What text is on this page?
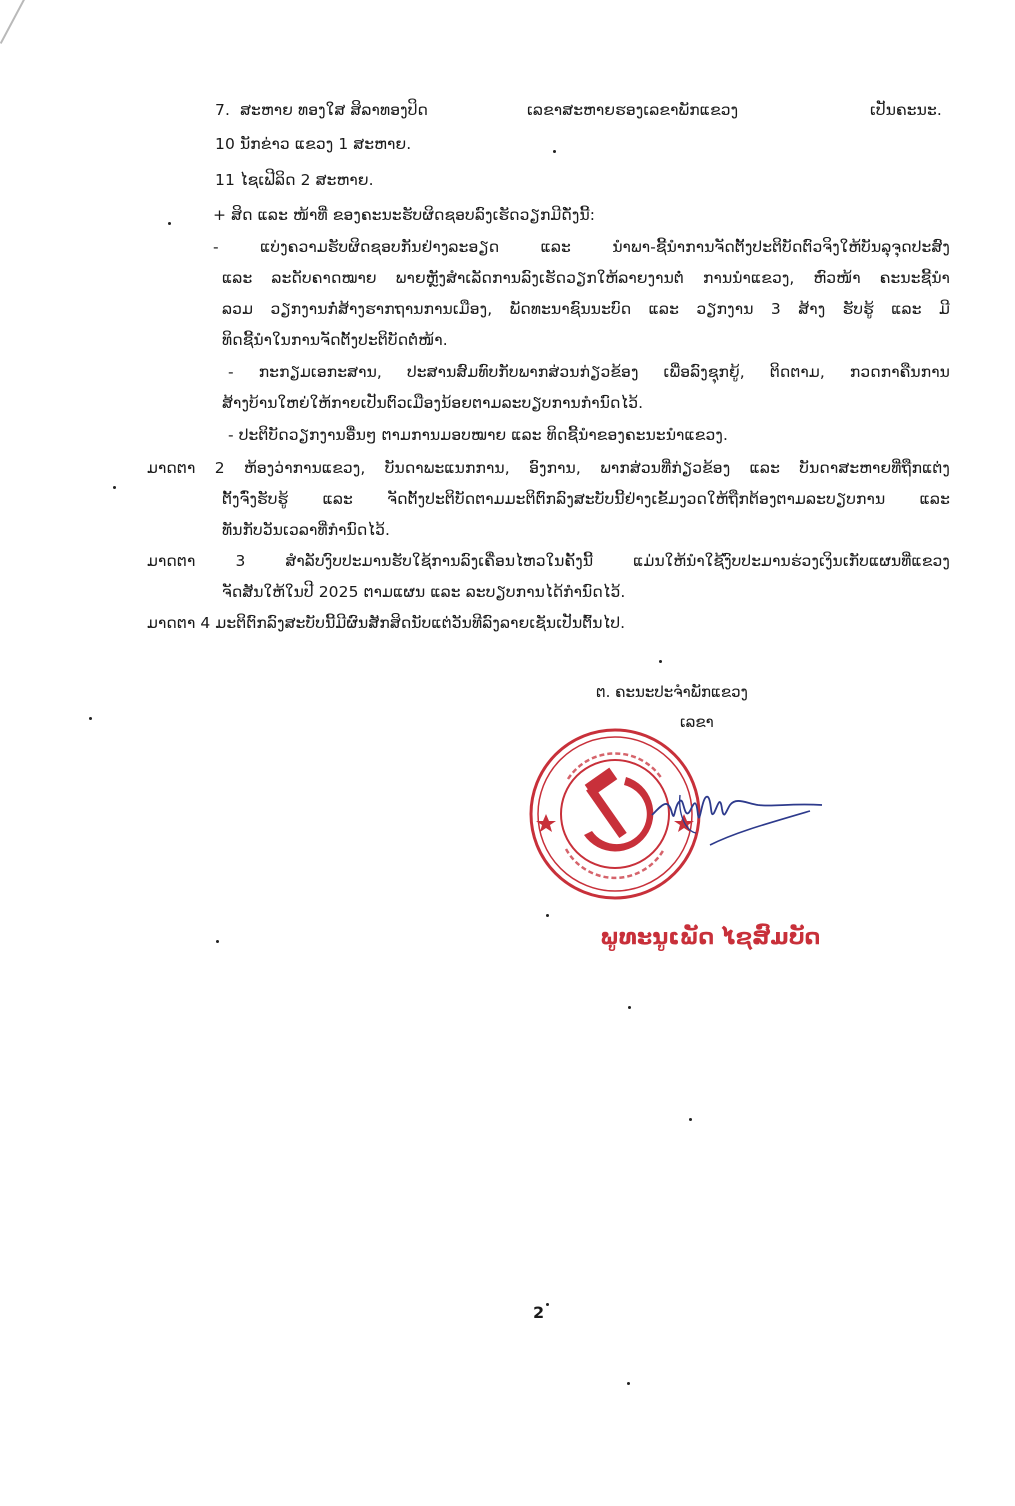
7. ສະຫາຍ ທອງໃສ ສິລາທອງປິດ	ເລຂາສະຫາຍຮອງເລຂາພັກແຂວງ	ເປັນຄະນະ.
10 ນັກຂ່າວ ແຂວງ 1 ສະຫາຍ.
11 ໄຊເຟີລິດ 2 ສະຫາຍ.
+ ສິດ ແລະ ໜ້າທີ່ ຂອງຄະນະຮັບຜິດຊອບລົງເຮັດວຽກມີດັ່ງນີ້:
- ແບ່ງຄວາມຮັບຜິດຊອບກັນຢ່າງລະອຽດ ແລະ ນຳພາ-ຊີ້ນຳການຈັດຕັ້ງປະຕິບັດຕົວຈິງໃຫ້ບັນລຸຈຸດປະສົງ
ແລະ ລະດັບຄາດໝາຍ ພາຍຫຼັງສຳເລັດການລົງເຮັດວຽກໃຫ້ລາຍງານຕໍ່ ການນຳແຂວງ, ຫົວໜ້າ ຄະນະຊີ້ນຳ
ລວມ ວຽກງານກໍ່ສ້າງຮາກຖານການເມືອງ, ພັດທະນາຊົນນະບົດ ແລະ ວຽກງານ 3 ສ້າງ ຮັບຮູ້ ແລະ ມີ
ທິດຊີ້ນຳໃນການຈັດຕັ້ງປະຕິບັດຕໍ່ໜ້າ.
- ກະກຽມເອກະສານ, ປະສານສົມທົບກັບພາກສ່ວນກ່ຽວຂ້ອງ ເພື່ອລົງຊຸກຍູ້, ຕິດຕາມ, ກວດກາຄືນການ
ສ້າງບ້ານໃຫຍ່ໃຫ້ກາຍເປັນຕົວເມືອງນ້ອຍຕາມລະບຽບການກຳນົດໄວ້.
- ປະຕິບັດວຽກງານອື່ນໆ ຕາມການມອບໝາຍ ແລະ ທິດຊີ້ນຳຂອງຄະນະນຳແຂວງ.
ມາດຕາ 2 ຫ້ອງວ່າການແຂວງ, ບັນດາພະແນກການ, ອົງການ, ພາກສ່ວນທີ່ກ່ຽວຂ້ອງ ແລະ ບັນດາສະຫາຍທີ່ຖືກແຕ່ງ
ຕັ້ງຈົ່ງຮັບຮູ້ ແລະ ຈັດຕັ້ງປະຕິບັດຕາມມະຕິຕົກລົງສະບັບນີ້ຢ່າງເຂັ້ມງວດໃຫ້ຖືກຕ້ອງຕາມລະບຽບການ ແລະ
ທັນກັບວັນເວລາທີ່ກຳນົດໄວ້.
ມາດຕາ 3 ສຳລັບງົບປະມານຮັບໃຊ້ການລົງເຄື່ອນໄຫວໃນຄັ້ງນີ້ ແມ່ນໃຫ້ນຳໃຊ້ງົບປະມານຮ່ວງເງິນເກັບແຜນທີ່ແຂວງ
ຈັດສັນໃຫ້ໃນປີ 2025 ຕາມແຜນ ແລະ ລະບຽບການໄດ້ກຳນົດໄວ້.
ມາດຕາ 4 ມະຕິຕົກລົງສະບັບນີ້ມີຜົນສັກສິດນັບແຕ່ວັນທີລົງລາຍເຊັນເປັນຕົ້ນໄປ.
ຕ. ຄະນະປະຈຳພັກແຂວງ
ເລຂາ
ພູທະນູເພັດ ໄຊສົມບັດ
2
